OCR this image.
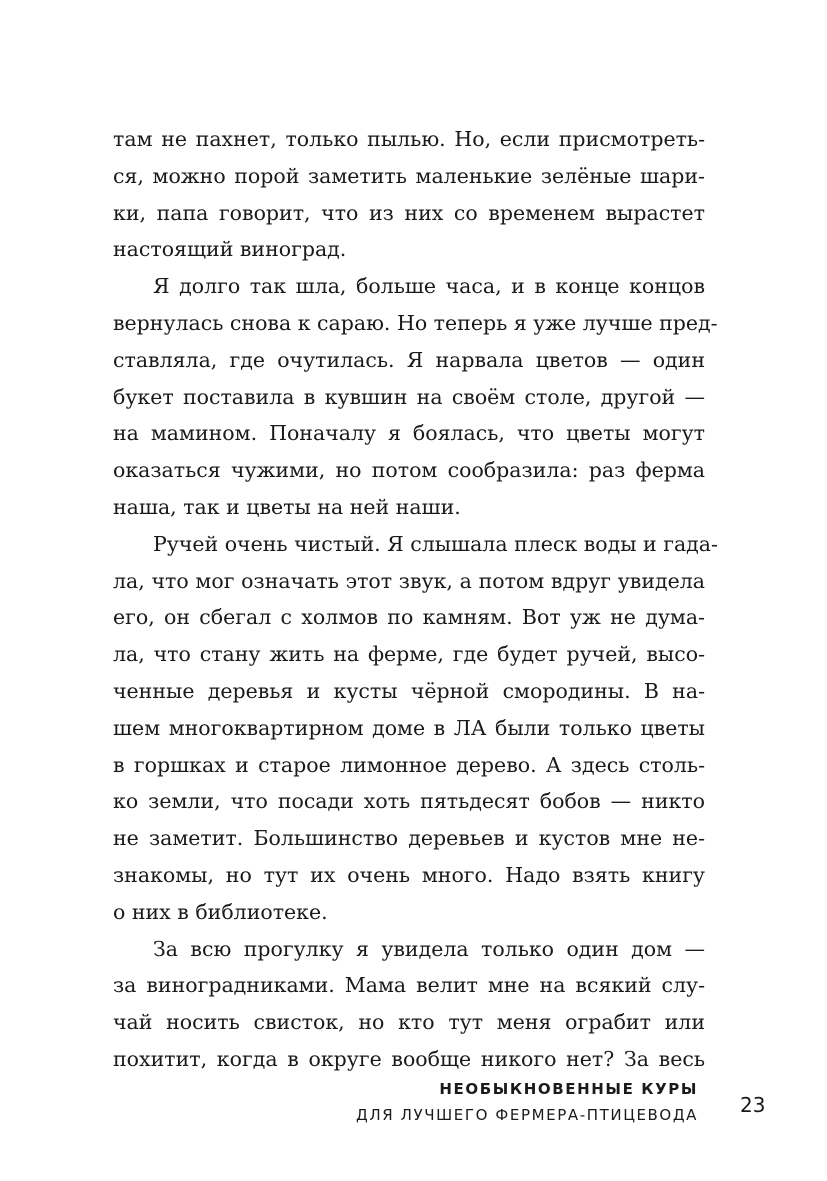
там не пахнет, только пылью. Но, если присмотреть-
ся, можно порой заметить маленькие зелёные шари-
ки, папа говорит, что из них со временем вырастет
настоящий виноград.
Я долго так шла, больше часа, и в конце концов
вернулась снова к сараю. Но теперь я уже лучше пред-
ставляла, где очутилась. Я нарвала цветов — один
букет поставила в кувшин на своём столе, другой —
на мамином. Поначалу я боялась, что цветы могут
оказаться чужими, но потом сообразила: раз ферма
наша, так и цветы на ней наши.
Ручей очень чистый. Я слышала плеск воды и гада-
ла, что мог означать этот звук, а потом вдруг увидела
его, он сбегал с холмов по камням. Вот уж не дума-
ла, что стану жить на ферме, где будет ручей, высо-
ченные деревья и кусты чёрной смородины. В на-
шем многоквартирном доме в ЛА были только цветы
в горшках и старое лимонное дерево. А здесь столь-
ко земли, что посади хоть пятьдесят бобов — никто
не заметит. Большинство деревьев и кустов мне не-
знакомы, но тут их очень много. Надо взять книгу
о них в библиотеке.
За всю прогулку я увидела только один дом —
за виноградниками. Мама велит мне на всякий слу-
чай носить свисток, но кто тут меня ограбит или
похитит, когда в округе вообще никого нет? За весь
НЕОБЫКНОВЕННЫЕ КУРЫ
ДЛЯ ЛУЧШЕГО ФЕРМЕРА-ПТИЦЕВОДА 23
